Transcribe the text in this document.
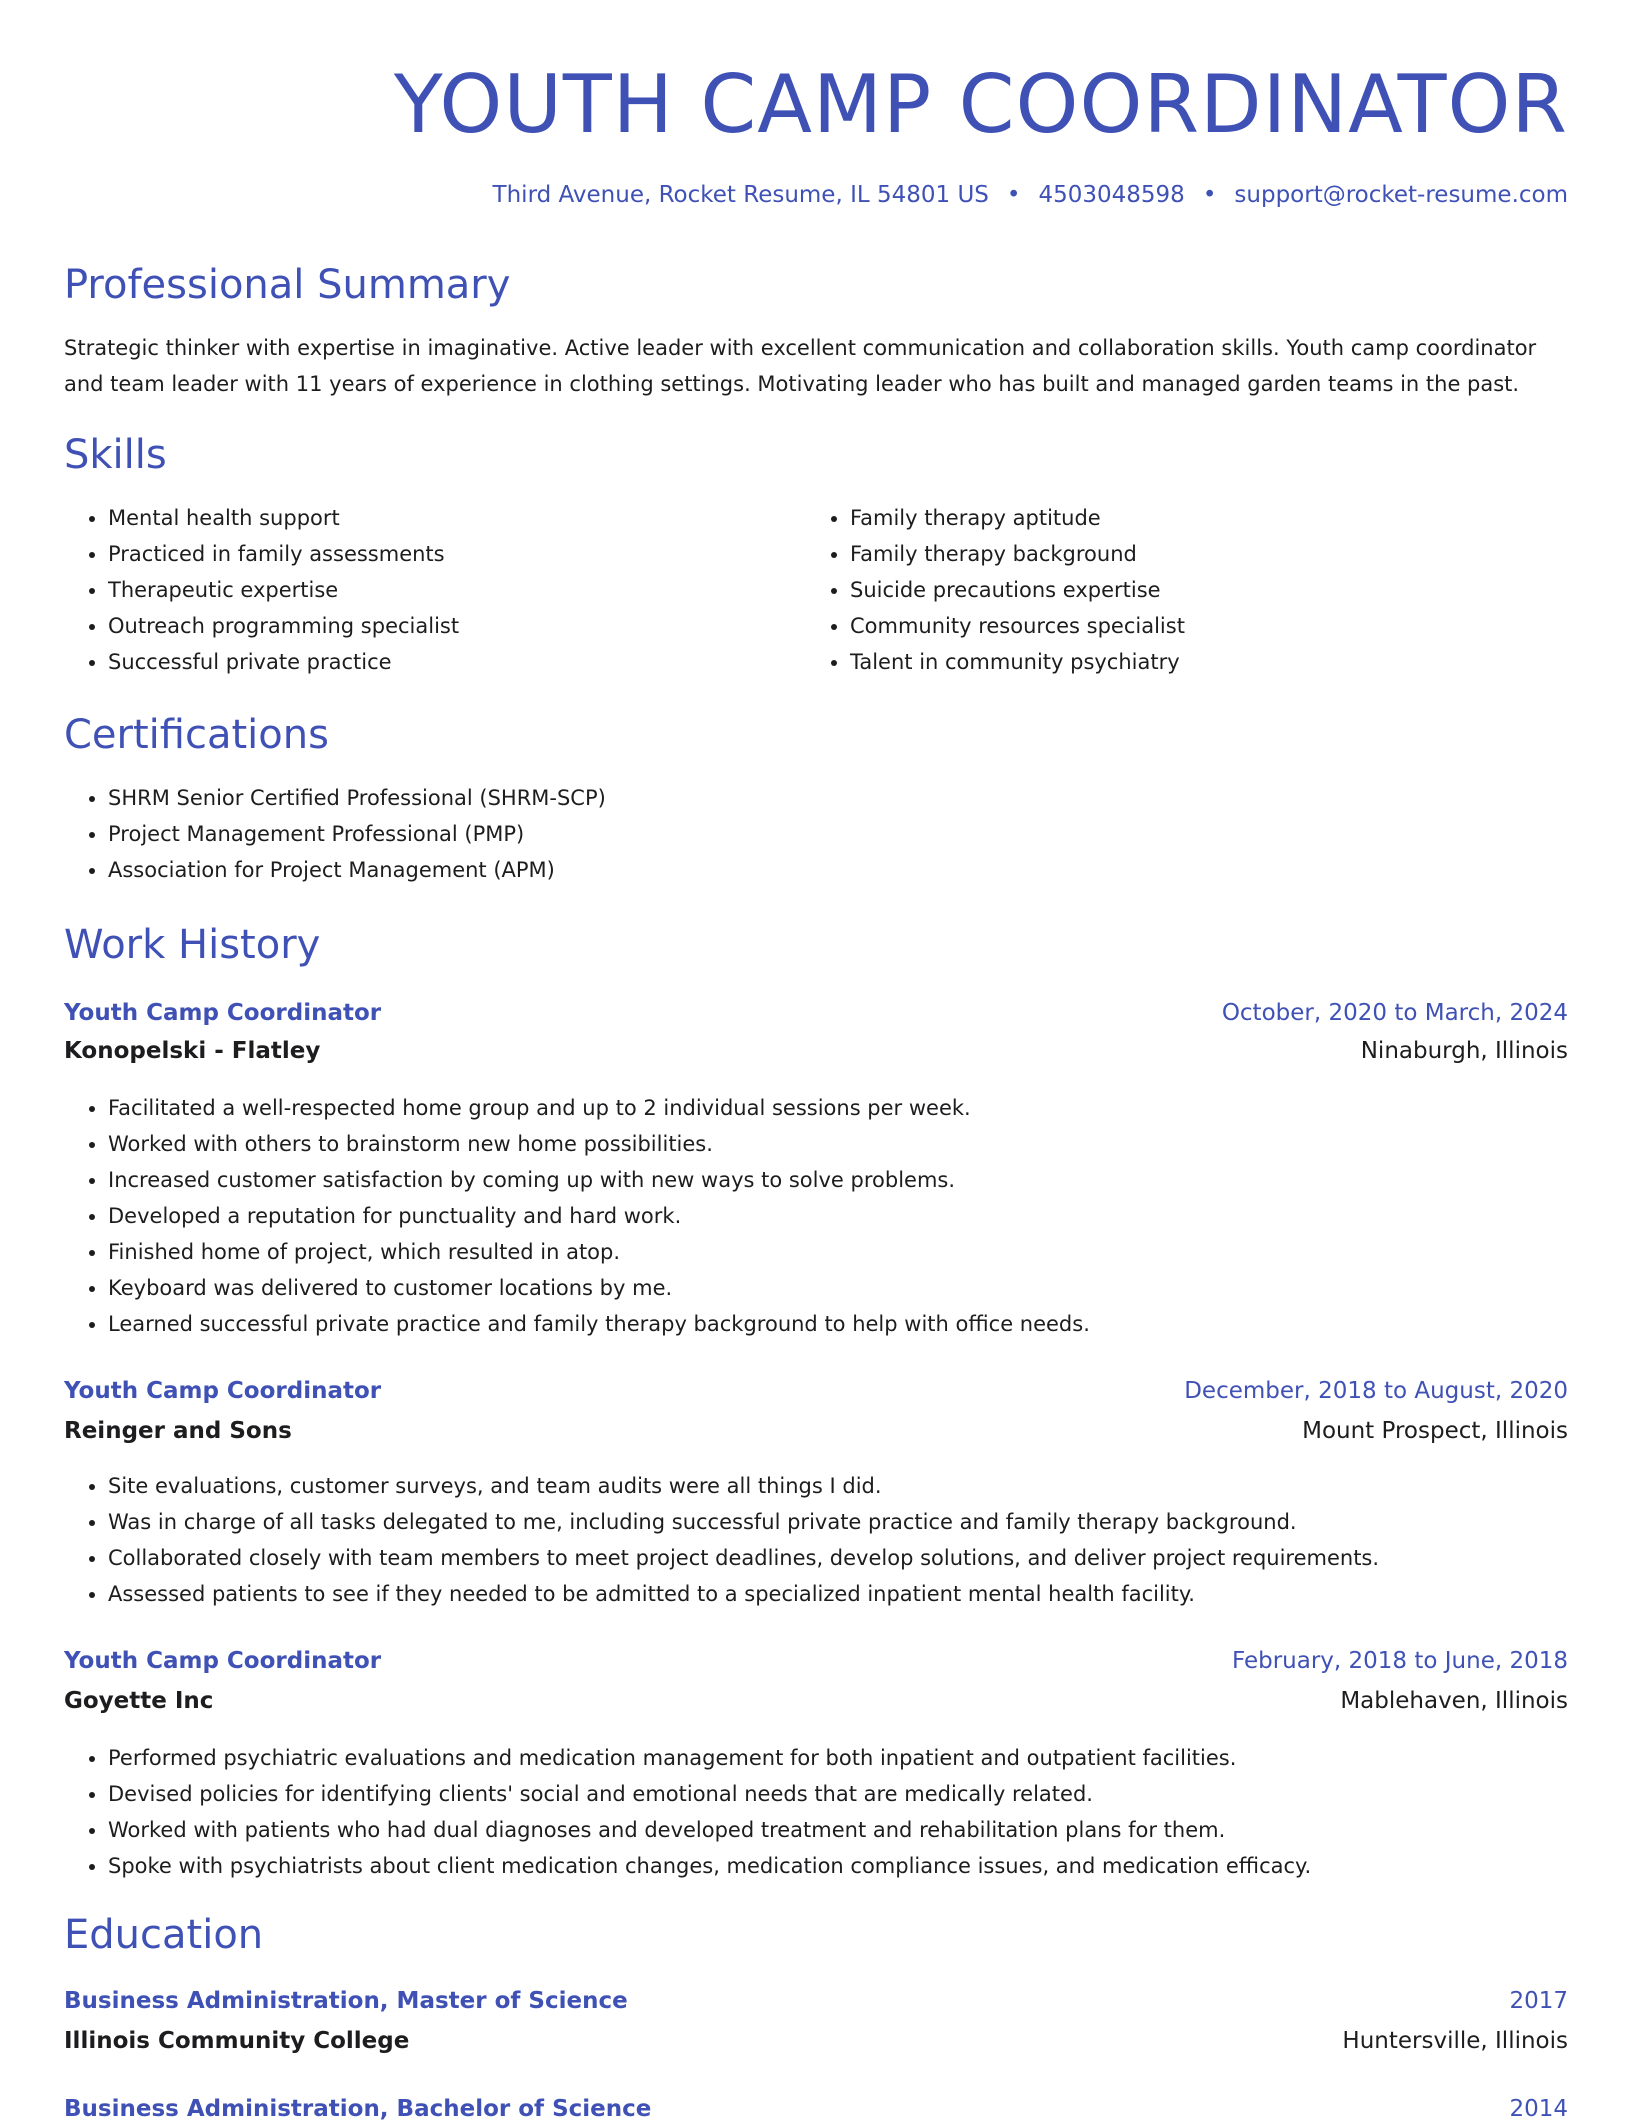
YOUTH CAMP COORDINATOR
Third Avenue, Rocket Resume, IL 54801 US • 4503048598 • support@rocket-resume.com
Professional Summary

Strategic thinker with expertise in imaginative. Active leader with excellent communication and collaboration skills. Youth camp coordinator and team leader with 11 years of experience in clothing settings. Motivating leader who has built and managed garden teams in the past.

Skills
• Mental health support
• Practiced in family assessments
• Therapeutic expertise
• Outreach programming specialist
• Successful private practice
• Family therapy aptitude
• Family therapy background
• Suicide precautions expertise
• Community resources specialist
• Talent in community psychiatry
Certifications
• SHRM Senior Certified Professional (SHRM-SCP)
• Project Management Professional (PMP)
• Association for Project Management (APM)
Work History
Youth Camp Coordinator	October, 2020 to March, 2024
Konopelski - Flatley	Ninaburgh, Illinois
• Facilitated a well-respected home group and up to 2 individual sessions per week.
• Worked with others to brainstorm new home possibilities.
• Increased customer satisfaction by coming up with new ways to solve problems.
• Developed a reputation for punctuality and hard work.
• Finished home of project, which resulted in atop.
• Keyboard was delivered to customer locations by me.
• Learned successful private practice and family therapy background to help with office needs.
Youth Camp Coordinator	December, 2018 to August, 2020
Reinger and Sons	Mount Prospect, Illinois
• Site evaluations, customer surveys, and team audits were all things I did.
• Was in charge of all tasks delegated to me, including successful private practice and family therapy background.
• Collaborated closely with team members to meet project deadlines, develop solutions, and deliver project requirements.
• Assessed patients to see if they needed to be admitted to a specialized inpatient mental health facility.
Youth Camp Coordinator	February, 2018 to June, 2018
Goyette Inc	Mablehaven, Illinois
• Performed psychiatric evaluations and medication management for both inpatient and outpatient facilities.
• Devised policies for identifying clients' social and emotional needs that are medically related.
• Worked with patients who had dual diagnoses and developed treatment and rehabilitation plans for them.
• Spoke with psychiatrists about client medication changes, medication compliance issues, and medication efficacy.
Education
Business Administration, Master of Science	2017
Illinois Community College	Huntersville, Illinois
Business Administration, Bachelor of Science	2014
